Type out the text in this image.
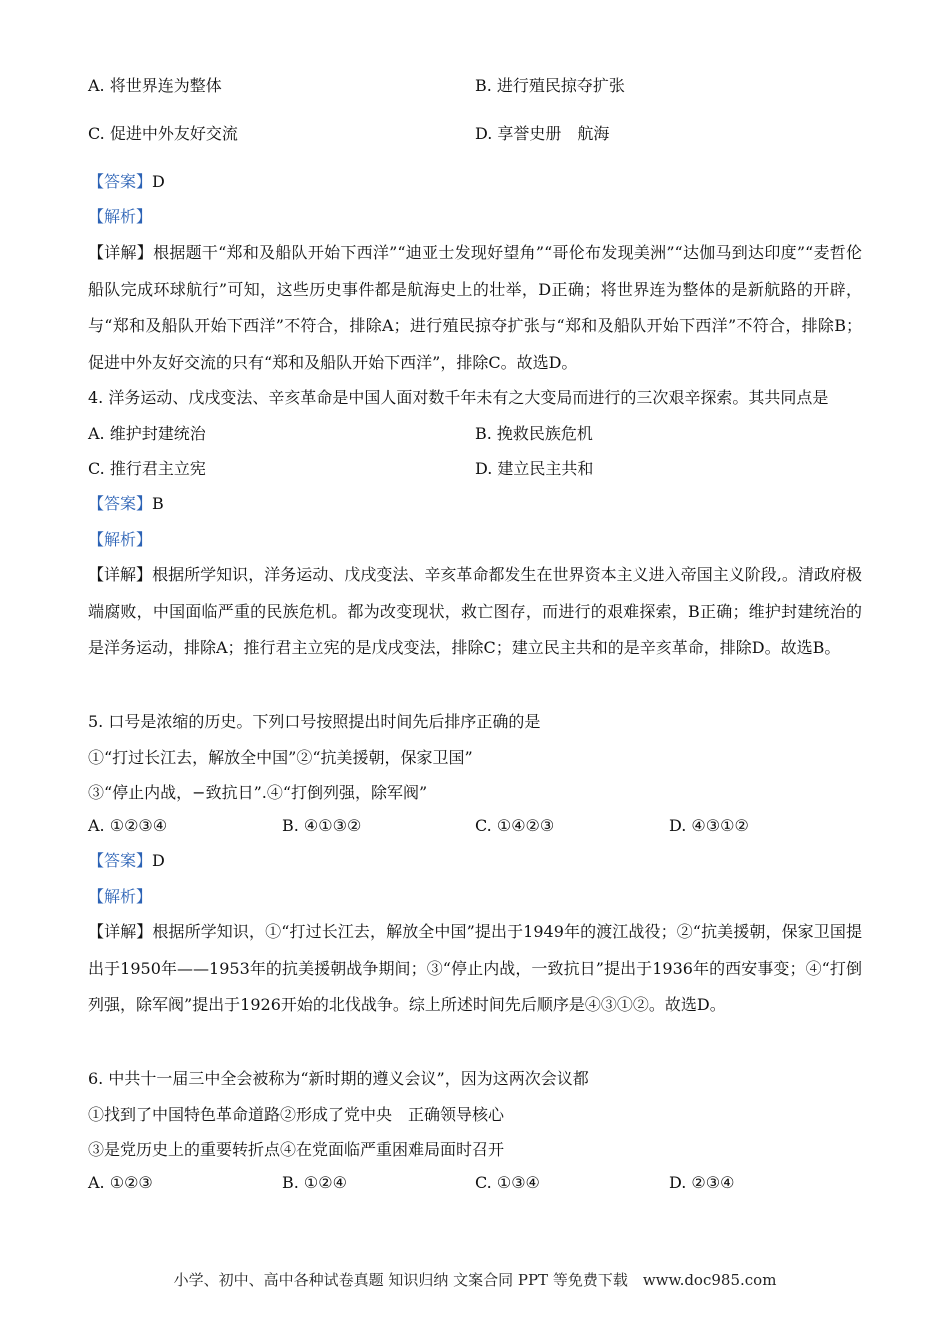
A. 将世界连为整体	B. 进行殖民掠夺扩张
C. 促进中外友好交流	D. 享誉史册　航海
【答案】D
【解析】
【详解】根据题干“郑和及船队开始下西洋”“迪亚士发现好望角”“哥伦布发现美洲”“达伽马到达印度”“麦哲伦船队完成环球航行”可知，这些历史事件都是航海史上的壮举，D正确；将世界连为整体的是新航路的开辟，与“郑和及船队开始下西洋”不符合，排除A；进行殖民掠夺扩张与“郑和及船队开始下西洋”不符合，排除B；促进中外友好交流的只有“郑和及船队开始下西洋”，排除C。故选D。
4. 洋务运动、戊戌变法、辛亥革命是中国人面对数千年未有之大变局而进行的三次艰辛探索。其共同点是
A. 维护封建统治	B. 挽救民族危机
C. 推行君主立宪	D. 建立民主共和
【答案】B
【解析】
【详解】根据所学知识，洋务运动、戊戌变法、辛亥革命都发生在世界资本主义进入帝国主义阶段,。清政府极端腐败，中国面临严重的民族危机。都为改变现状，救亡图存，而进行的艰难探索，B正确；维护封建统治的是洋务运动，排除A；推行君主立宪的是戊戌变法，排除C；建立民主共和的是辛亥革命，排除D。故选B。
5. 口号是浓缩的历史。下列口号按照提出时间先后排序正确的是
①“打过长江去，解放全中国”②“抗美援朝，保家卫国”
③“停止内战，−致抗日”.④“打倒列强，除军阀”
A. ①②③④	B. ④①③②	C. ①④②③	D. ④③①②
【答案】D
【解析】
【详解】根据所学知识，①“打过长江去，解放全中国”提出于1949年的渡江战役；②“抗美援朝，保家卫国提出于1950年——1953年的抗美援朝战争期间；③“停止内战，一致抗日”提出于1936年的西安事变；④“打倒列强，除军阀”提出于1926开始的北伐战争。综上所述时间先后顺序是④③①②。故选D。
6. 中共十一届三中全会被称为“新时期的遵义会议”，因为这两次会议都
①找到了中国特色革命道路②形成了党中央　正确领导核心
③是党历史上的重要转折点④在党面临严重困难局面时召开
A. ①②③	B. ①②④	C. ①③④	D. ②③④
小学、初中、高中各种试卷真题 知识归纳 文案合同 PPT 等免费下载　www.doc985.com
